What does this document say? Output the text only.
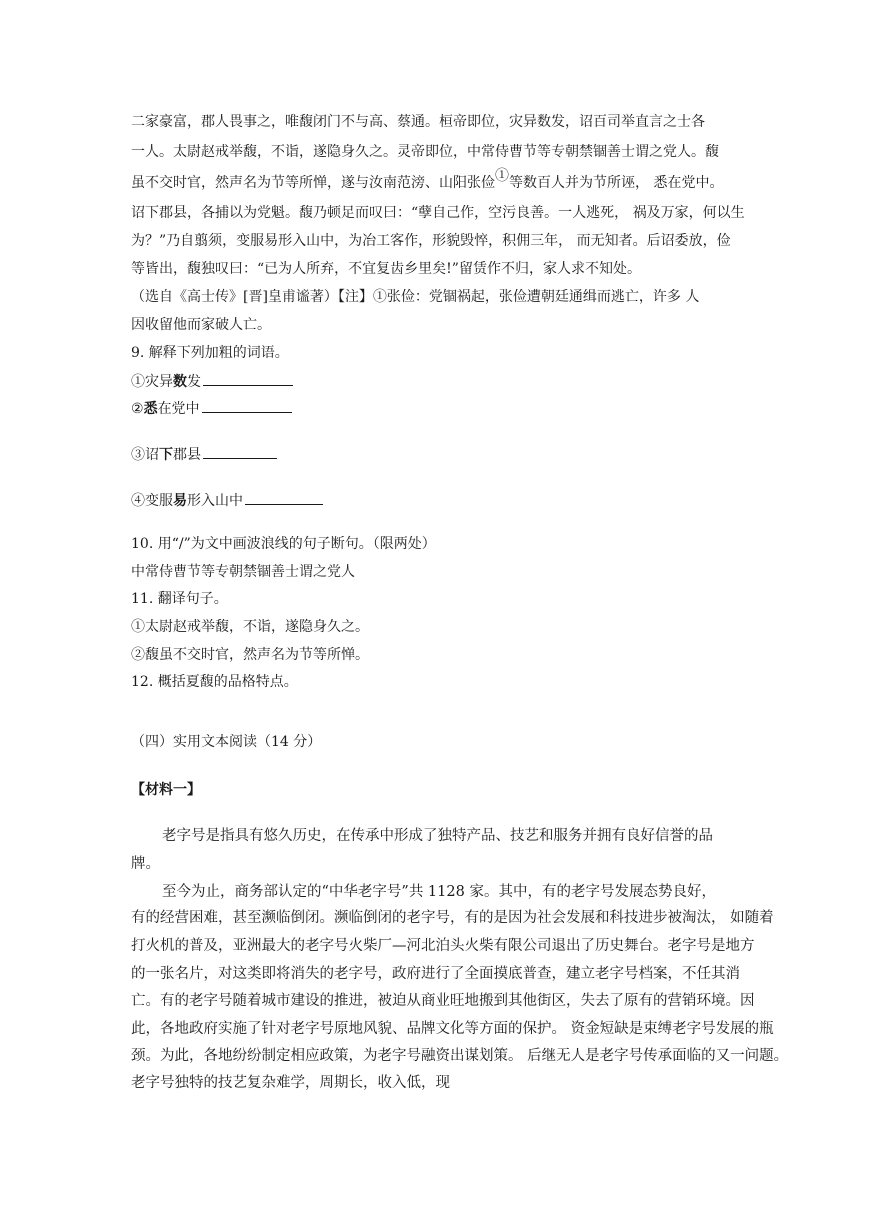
二家豪富，郡人畏事之，唯馥闭门不与高、蔡通。桓帝即位，灾异数发，诏百司举直言之士各
一人。太尉赵戒举馥，不诣，遂隐身久之。灵帝即位，中常侍曹节等专朝禁锢善士谓之党人。馥
虽不交时官，然声名为节等所惮，遂与汝南范滂、山阳张俭①等数百人并为节所诬， 悉在党中。
诏下郡县，各捕以为党魁。馥乃顿足而叹曰：“孽自己作，空污良善。一人逃死， 祸及万家，何以生
为？”乃自翦须，变服易形入山中，为冶工客作，形貌毁悴，积佣三年， 而无知者。后诏委放，俭
等皆出，馥独叹曰：“已为人所弃，不宜复齿乡里矣!”留赁作不归，家人求不知处。
（选自《高士传》[晋]皇甫谧著）【注】①张俭：党锢祸起，张俭遭朝廷通缉而逃亡，许多 人
因收留他而家破人亡。
9. 解释下列加粗的词语。
①灾异数发
②悉在党中
③诏下郡县
④变服易形入山中
10. 用“/”为文中画波浪线的句子断句。（限两处）
中常侍曹节等专朝禁锢善士谓之党人
11. 翻译句子。
①太尉赵戒举馥，不诣，遂隐身久之。
②馥虽不交时官，然声名为节等所惮。
12. 概括夏馥的品格特点。
（四）实用文本阅读（14 分）
【材料一】
老字号是指具有悠久历史，在传承中形成了独特产品、技艺和服务并拥有良好信誉的品
牌。
至今为止，商务部认定的“中华老字号”共 1128 家。其中，有的老字号发展态势良好，
有的经营困难，甚至濒临倒闭。濒临倒闭的老字号，有的是因为社会发展和科技进步被淘汰， 如随着
打火机的普及，亚洲最大的老字号火柴厂—河北泊头火柴有限公司退出了历史舞台。老字号是地方
的一张名片，对这类即将消失的老字号，政府进行了全面摸底普查，建立老字号档案，不任其消
亡。有的老字号随着城市建设的推进，被迫从商业旺地搬到其他街区，失去了原有的营销环境。因
此，各地政府实施了针对老字号原地风貌、品牌文化等方面的保护。 资金短缺是束缚老字号发展的瓶
颈。为此，各地纷纷制定相应政策，为老字号融资出谋划策。 后继无人是老字号传承面临的又一问题。
老字号独特的技艺复杂难学，周期长，收入低，现
